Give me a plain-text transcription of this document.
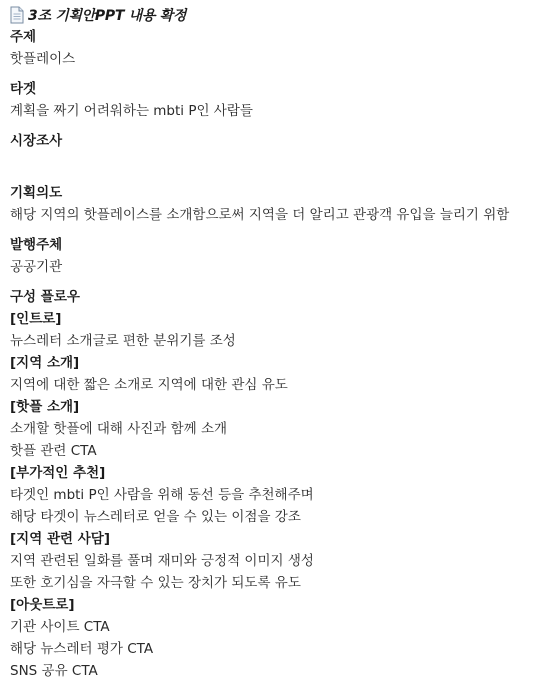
3조 기획안PPT 내용 확정
주제
핫플레이스
타겟
계획을 짜기 어려워하는 mbti P인 사람들
시장조사
기획의도
해당 지역의 핫플레이스를 소개함으로써 지역을 더 알리고 관광객 유입을 늘리기 위함
발행주체
공공기관
구성 플로우
[인트로]
뉴스레터 소개글로 편한 분위기를 조성
[지역 소개]
지역에 대한 짧은 소개로 지역에 대한 관심 유도
[핫플 소개]
소개할 핫플에 대해 사진과 함께 소개
핫플 관련 CTA
[부가적인 추천]
타겟인 mbti P인 사람을 위해 동선 등을 추천해주며
해당 타겟이 뉴스레터로 얻을 수 있는 이점을 강조
[지역 관련 사담]
지역 관련된 일화를 풀며 재미와 긍정적 이미지 생성
또한 호기심을 자극할 수 있는 장치가 되도록 유도
[아웃트로]
기관 사이트 CTA
해당 뉴스레터 평가 CTA
SNS 공유 CTA
